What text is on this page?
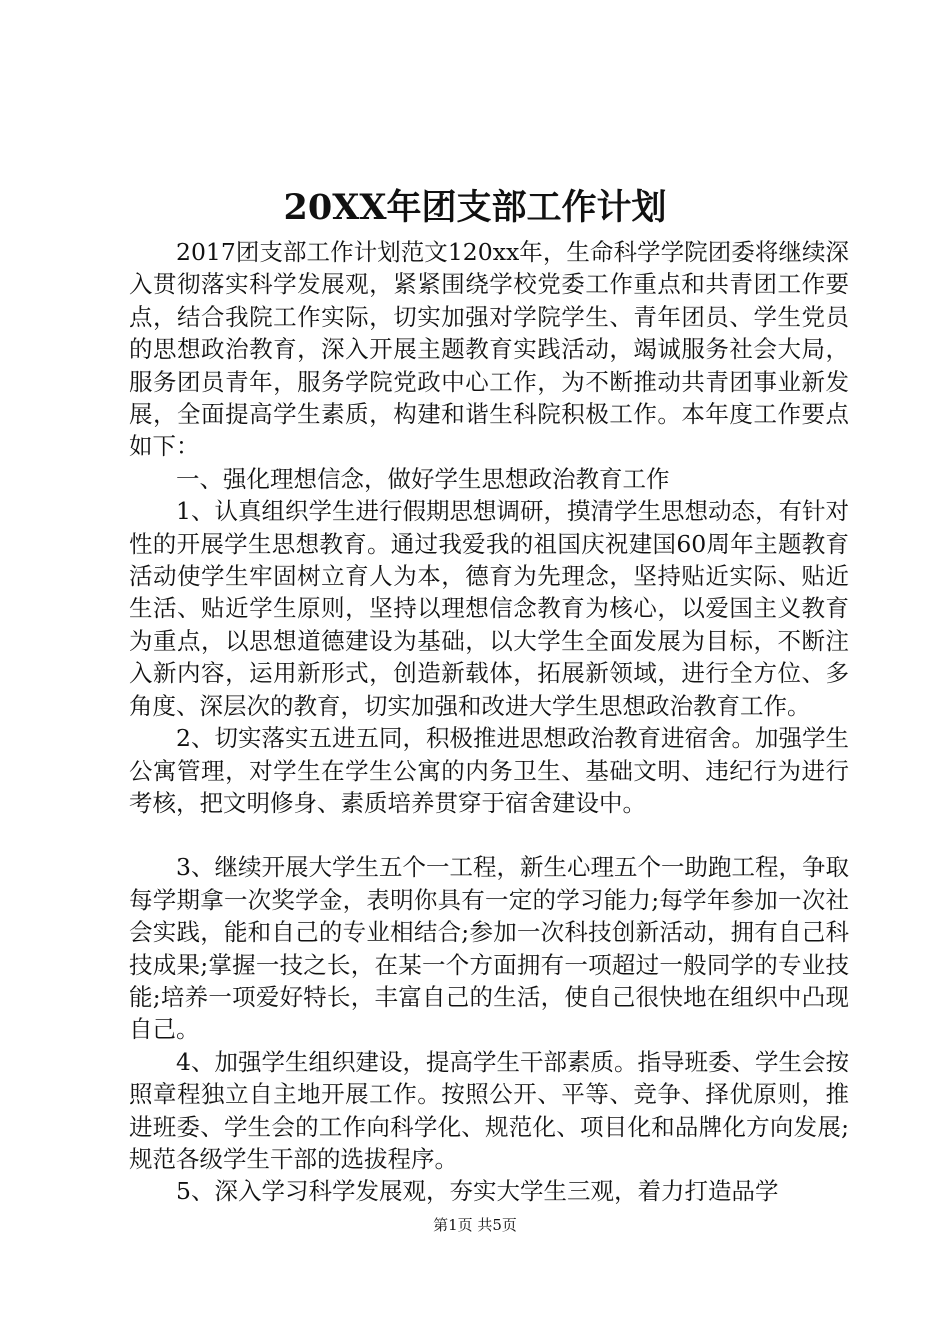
20XX年团支部工作计划

2017团支部工作计划范文120xx年，生命科学学院团委将继续深入贯彻落实科学发展观，紧紧围绕学校党委工作重点和共青团工作要点，结合我院工作实际，切实加强对学院学生、青年团员、学生党员的思想政治教育，深入开展主题教育实践活动，竭诚服务社会大局，服务团员青年，服务学院党政中心工作，为不断推动共青团事业新发展，全面提高学生素质，构建和谐生科院积极工作。本年度工作要点如下：

一、强化理想信念，做好学生思想政治教育工作

1、认真组织学生进行假期思想调研，摸清学生思想动态，有针对性的开展学生思想教育。通过我爱我的祖国庆祝建国60周年主题教育活动使学生牢固树立育人为本，德育为先理念，坚持贴近实际、贴近生活、贴近学生原则，坚持以理想信念教育为核心，以爱国主义教育为重点，以思想道德建设为基础，以大学生全面发展为目标，不断注入新内容，运用新形式，创造新载体，拓展新领域，进行全方位、多角度、深层次的教育，切实加强和改进大学生思想政治教育工作。

2、切实落实五进五同，积极推进思想政治教育进宿舍。加强学生公寓管理，对学生在学生公寓的内务卫生、基础文明、违纪行为进行考核，把文明修身、素质培养贯穿于宿舍建设中。

3、继续开展大学生五个一工程，新生心理五个一助跑工程，争取每学期拿一次奖学金，表明你具有一定的学习能力;每学年参加一次社会实践，能和自己的专业相结合;参加一次科技创新活动，拥有自己科技成果;掌握一技之长，在某一个方面拥有一项超过一般同学的专业技能;培养一项爱好特长，丰富自己的生活，使自己很快地在组织中凸现自己。

4、加强学生组织建设，提高学生干部素质。指导班委、学生会按照章程独立自主地开展工作。按照公开、平等、竞争、择优原则，推进班委、学生会的工作向科学化、规范化、项目化和品牌化方向发展;规范各级学生干部的选拔程序。

5、深入学习科学发展观，夯实大学生三观，着力打造品学

第1页 共5页
